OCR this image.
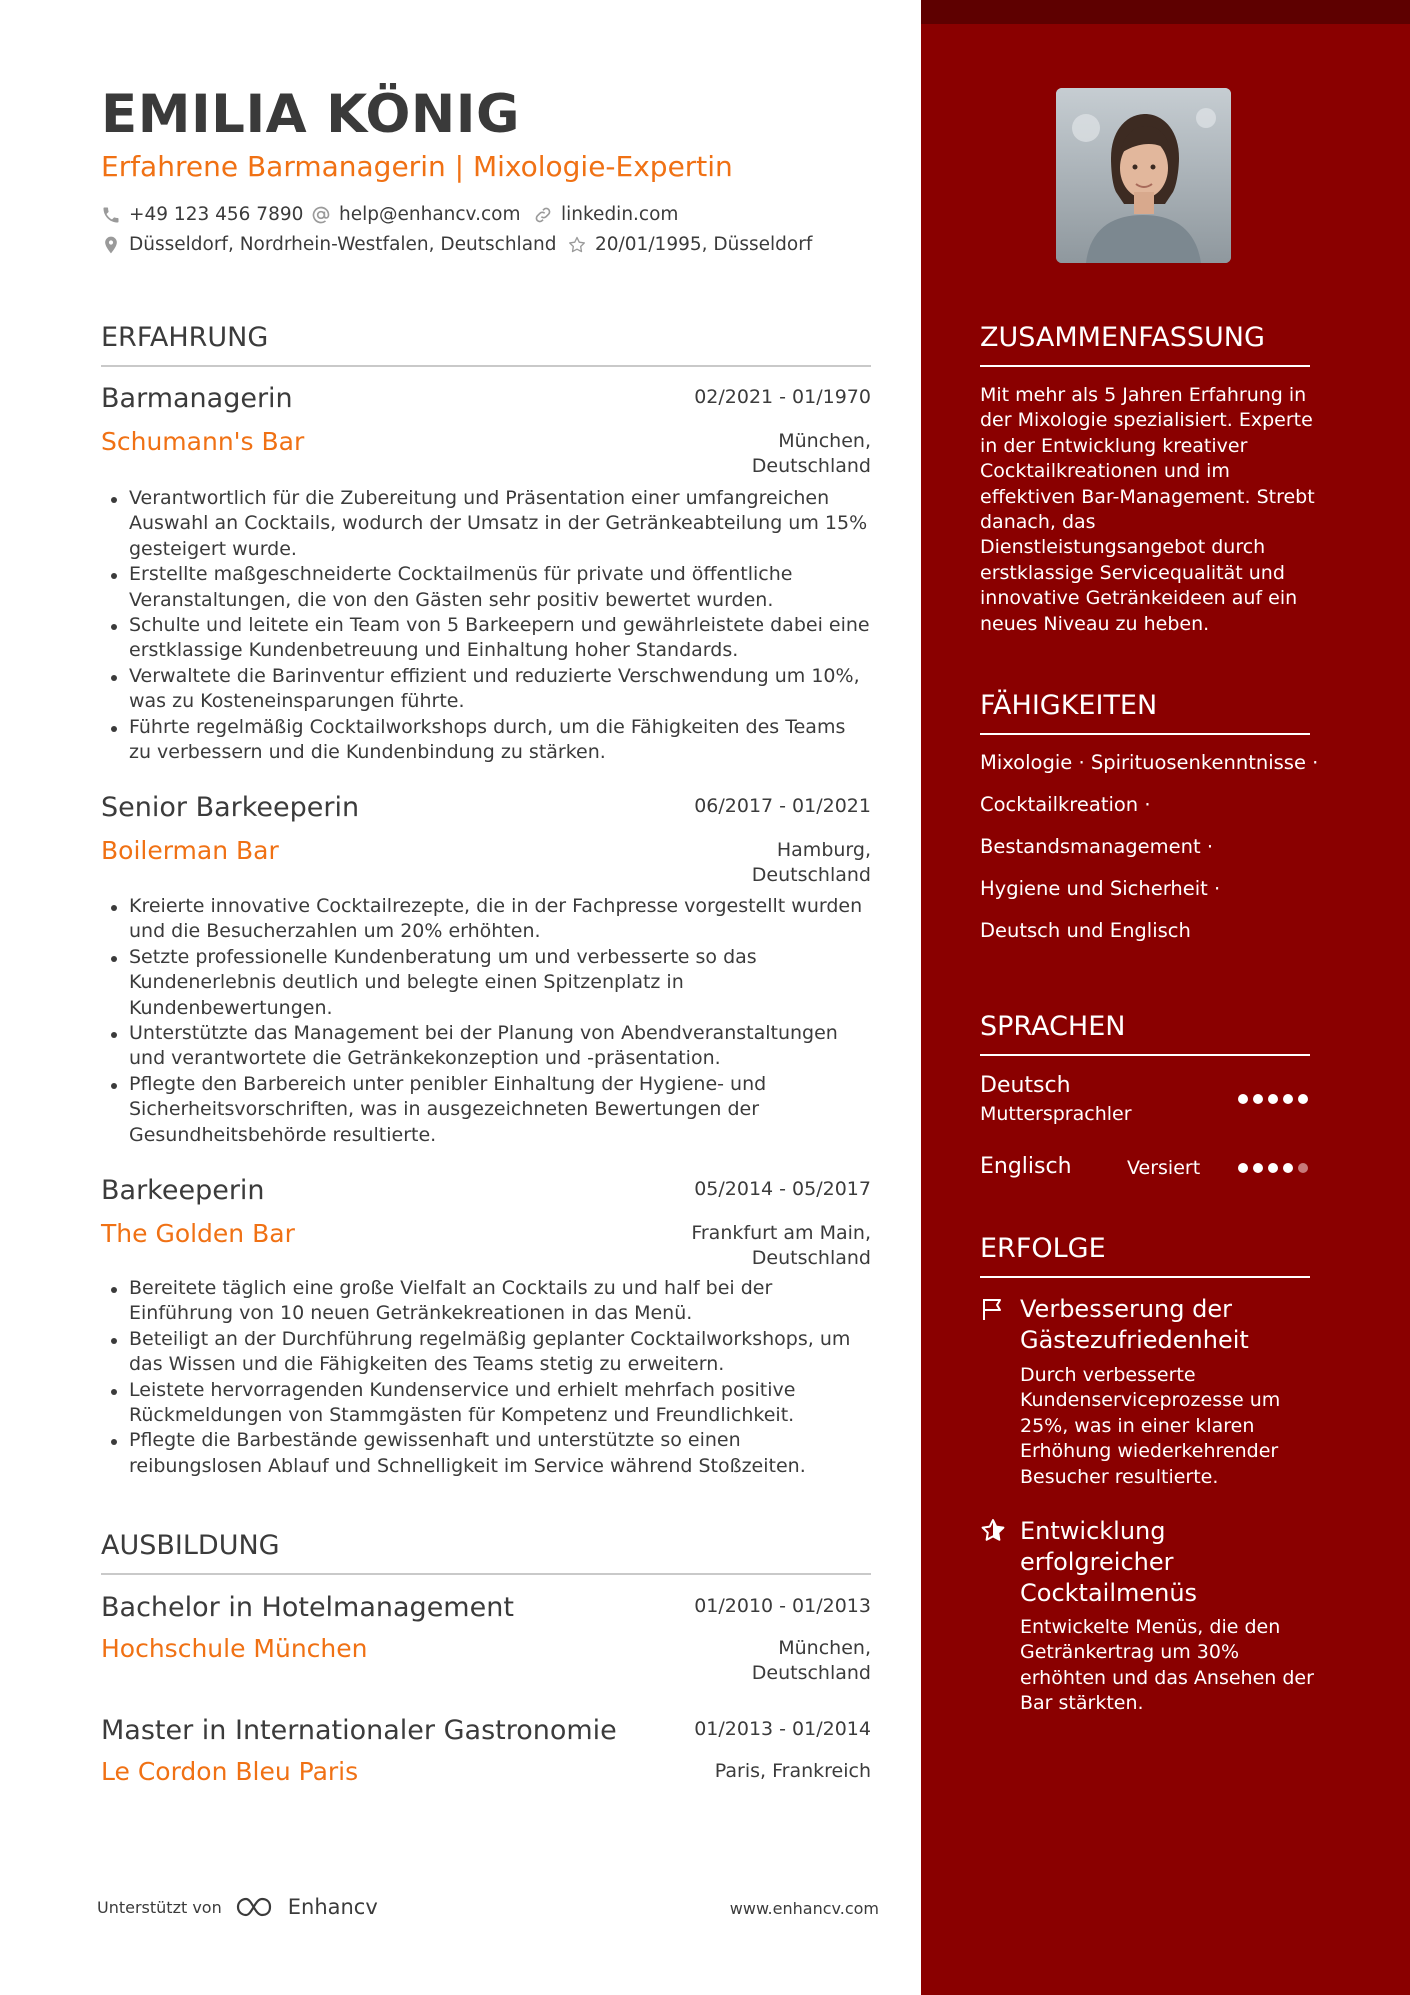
EMILIA KÖNIG
Erfahrene Barmanagerin | Mixologie-Expertin
+49 123 456 7890 help@enhancv.com linkedin.com
Düsseldorf, Nordrhein-Westfalen, Deutschland 20/01/1995, Düsseldorf
ERFAHRUNG
Barmanagerin	02/2021 - 01/1970
Schumann's Bar	München, Deutschland
Verantwortlich für die Zubereitung und Präsentation einer umfangreichen Auswahl an Cocktails, wodurch der Umsatz in der Getränkeabteilung um 15% gesteigert wurde.
Erstellte maßgeschneiderte Cocktailmenüs für private und öffentliche Veranstaltungen, die von den Gästen sehr positiv bewertet wurden.
Schulte und leitete ein Team von 5 Barkeepern und gewährleistete dabei eine erstklassige Kundenbetreuung und Einhaltung hoher Standards.
Verwaltete die Barinventur effizient und reduzierte Verschwendung um 10%, was zu Kosteneinsparungen führte.
Führte regelmäßig Cocktailworkshops durch, um die Fähigkeiten des Teams zu verbessern und die Kundenbindung zu stärken.
Senior Barkeeperin	06/2017 - 01/2021
Boilerman Bar	Hamburg, Deutschland
Kreierte innovative Cocktailrezepte, die in der Fachpresse vorgestellt wurden und die Besucherzahlen um 20% erhöhten.
Setzte professionelle Kundenberatung um und verbesserte so das Kundenerlebnis deutlich und belegte einen Spitzenplatz in Kundenbewertungen.
Unterstützte das Management bei der Planung von Abendveranstaltungen und verantwortete die Getränkekonzeption und -präsentation.
Pflegte den Barbereich unter penibler Einhaltung der Hygiene- und Sicherheitsvorschriften, was in ausgezeichneten Bewertungen der Gesundheitsbehörde resultierte.
Barkeeperin	05/2014 - 05/2017
The Golden Bar	Frankfurt am Main, Deutschland
Bereitete täglich eine große Vielfalt an Cocktails zu und half bei der Einführung von 10 neuen Getränkekreationen in das Menü.
Beteiligt an der Durchführung regelmäßig geplanter Cocktailworkshops, um das Wissen und die Fähigkeiten des Teams stetig zu erweitern.
Leistete hervorragenden Kundenservice und erhielt mehrfach positive Rückmeldungen von Stammgästen für Kompetenz und Freundlichkeit.
Pflegte die Barbestände gewissenhaft und unterstützte so einen reibungslosen Ablauf und Schnelligkeit im Service während Stoßzeiten.
AUSBILDUNG
Bachelor in Hotelmanagement	01/2010 - 01/2013
Hochschule München	München, Deutschland
Master in Internationaler Gastronomie	01/2013 - 01/2014
Le Cordon Bleu Paris	Paris, Frankreich
Unterstützt von	Enhancv	www.enhancv.com
ZUSAMMENFASSUNG
Mit mehr als 5 Jahren Erfahrung in der Mixologie spezialisiert. Experte in der Entwicklung kreativer Cocktailkreationen und im effektiven Bar-Management. Strebt danach, das Dienstleistungsangebot durch erstklassige Servicequalität und innovative Getränkeideen auf ein neues Niveau zu heben.
FÄHIGKEITEN
Mixologie · Spirituosenkenntnisse ·
Cocktailkreation ·
Bestandsmanagement ·
Hygiene und Sicherheit ·
Deutsch und Englisch
SPRACHEN
Deutsch
Muttersprachler
Englisch	Versiert
ERFOLGE
Verbesserung der Gästezufriedenheit
Durch verbesserte Kundenserviceprozesse um 25%, was in einer klaren Erhöhung wiederkehrender Besucher resultierte.
Entwicklung erfolgreicher Cocktailmenüs
Entwickelte Menüs, die den Getränkertrag um 30% erhöhten und das Ansehen der Bar stärkten.
